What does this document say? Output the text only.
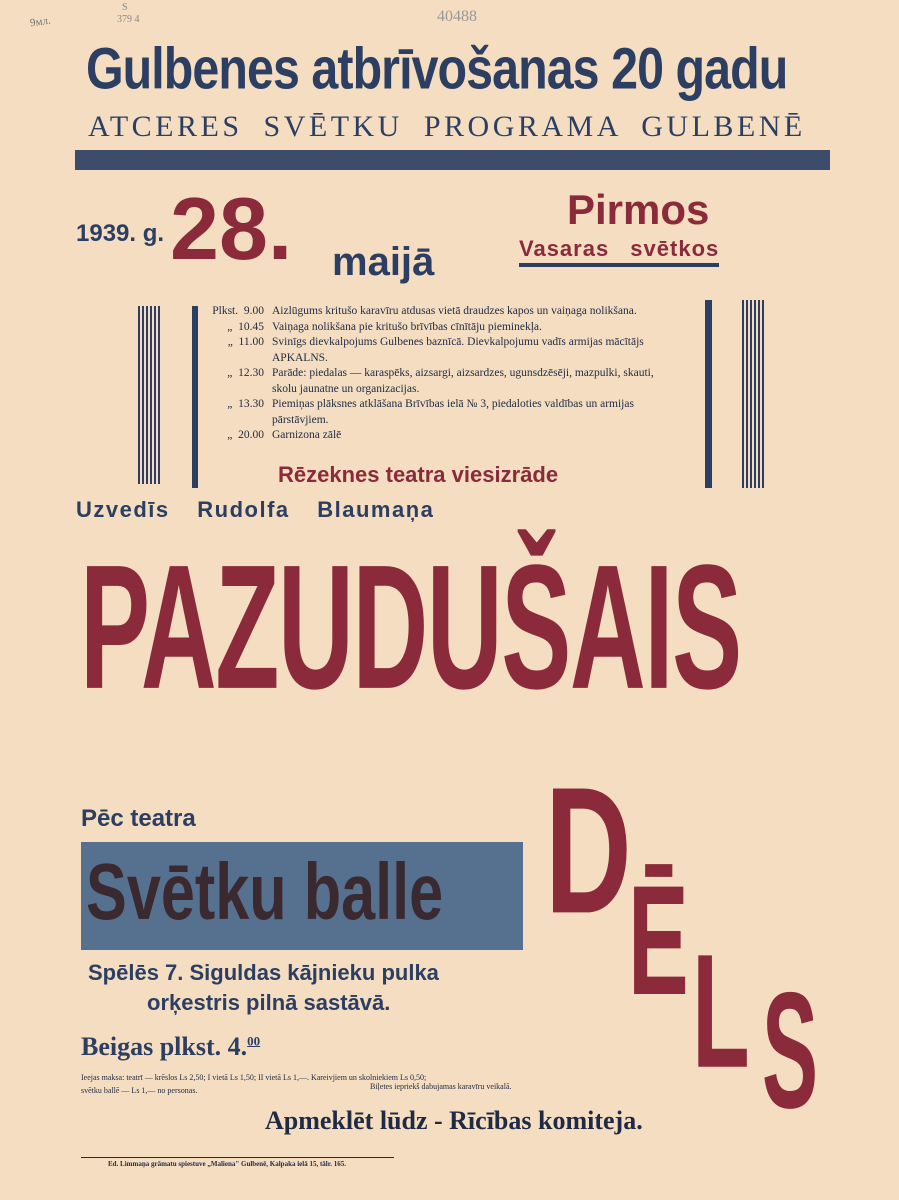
9мл.
S
379 4	40488
Gulbenes atbrīvošanas 20 gadu
ATCERES SVĒTKU PROGRAMA GULBENĒ
1939. g. 28. maijā
Pirmos
Vasaras svētkos
Plkst. 9.00 Aizlūgums kritušo karavīru atdusas vietā draudzes kapos un vaiņaga nolikšana.
„ 10.45 Vaiņaga nolikšana pie kritušo brīvības cīnītāju pieminekļa.
„ 11.00 Svinīgs dievkalpojums Gulbenes baznīcā. Dievkalpojumu vadīs armijas mācītājs APKALNS.
„ 12.30 Parāde: piedalas — karaspēks, aizsargi, aizsardzes, ugunsdzēsēji, mazpulki, skauti, skolu jaunatne un organizacijas.
„ 13.30 Piemiņas plāksnes atklāšana Brīvības ielā № 3, piedaloties valdības un armijas pārstāvjiem.
„ 20.00 Garnizona zālē
Rēzeknes teatra viesizrāde
Uzvedīs Rudolfa Blaumaņa
PAZUDUŠAIS
D
Ē L S
Pēc teatra
Svētku balle
Spēlēs 7. Siguldas kājnieku pulka
orķestris pilnā sastāvā.
Beigas plkst. 4.00
Ieejas maksa: teatrī — krēslos Ls 2,50; I vietā Ls 1,50; II vietā Ls 1,—. Kareivjiem un skolniekiem Ls 0,50;
svētku ballē — Ls 1,— no personas.	Biļetes iepriekš dabujamas karavīru veikalā.
Apmeklēt lūdz - Rīcības komiteja.
Ed. Limmaņa grāmatu spiestuve „Malienа" Gulbenē, Kalpaka ielā 15, tālr. 165.
